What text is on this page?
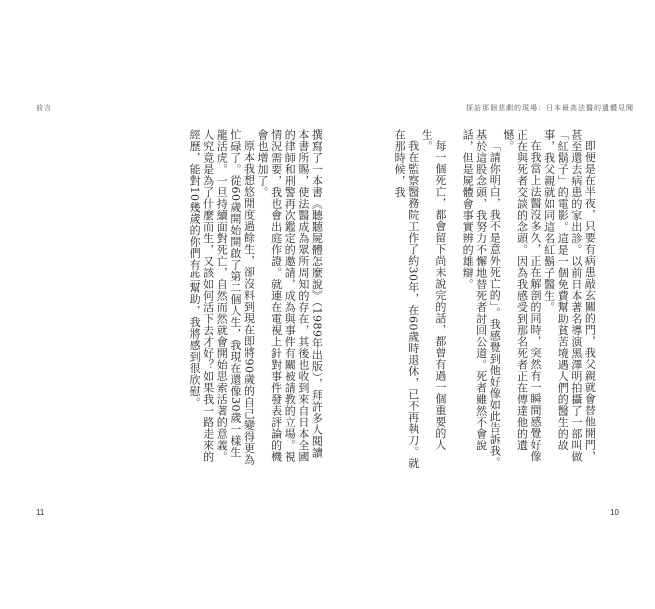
前言	探訪那個悲劇的現場：日本最高法醫的遺體見聞

即便是在半夜，只要有病患敲玄關的門，我父親就會替他開門，甚至還去病患的家出診。以前日本著名導演黑澤明拍攝了一部叫做「紅鬍子」的電影。這是一個免費幫助貧苦境遇人們的醫生的故事，我父親就如同這名紅鬍子醫生。

在我當上法醫沒多久，正在解剖的同時，突然有一瞬間感覺好像正在與死者交談的念頭。因為我感受到那名死者正在傳達他的遺憾。

「請你明白，我不是意外死亡的」。我感覺到他好像如此告訴我。基於這股念頭，我努力不懈地替死者討回公道。死者雖然不會說話，但是屍體會事實辨的雄辯。

每一個死亡，都會留下尚未說完的話，都曾有過一個重要的人生。

我在監察醫務院工作了約30年，在60歲時退休，已不再執刀。就在那時候，我

撰寫了一本書《聽聽屍體怎麼說》（1989年出版），拜許多人閱讀本書所賜，使法醫成為眾所周知的存在，其後也收到來自日本全國的律師和刑警再次鑑定的邀請，成為與事件有關被請教的立場。視情況需要，我也會出庭作證。就連在電視上針對事件發表評論的機會也增加了。

原本我想悠閒度過餘生，卻沒料到現在即將90歲的自己變得更為忙碌了。從60歲開始開啟了第二個人生，我現在還像30歲一樣生龍活虎。一旦持續面對死亡，自然而然就會開始思索活著的意義。人究竟是為了什麼而生，又該如何活下去才好？如果我一路走來的經歷，能對10幾歲的你們有些幫助，我將感到很欣慰。

11	10
